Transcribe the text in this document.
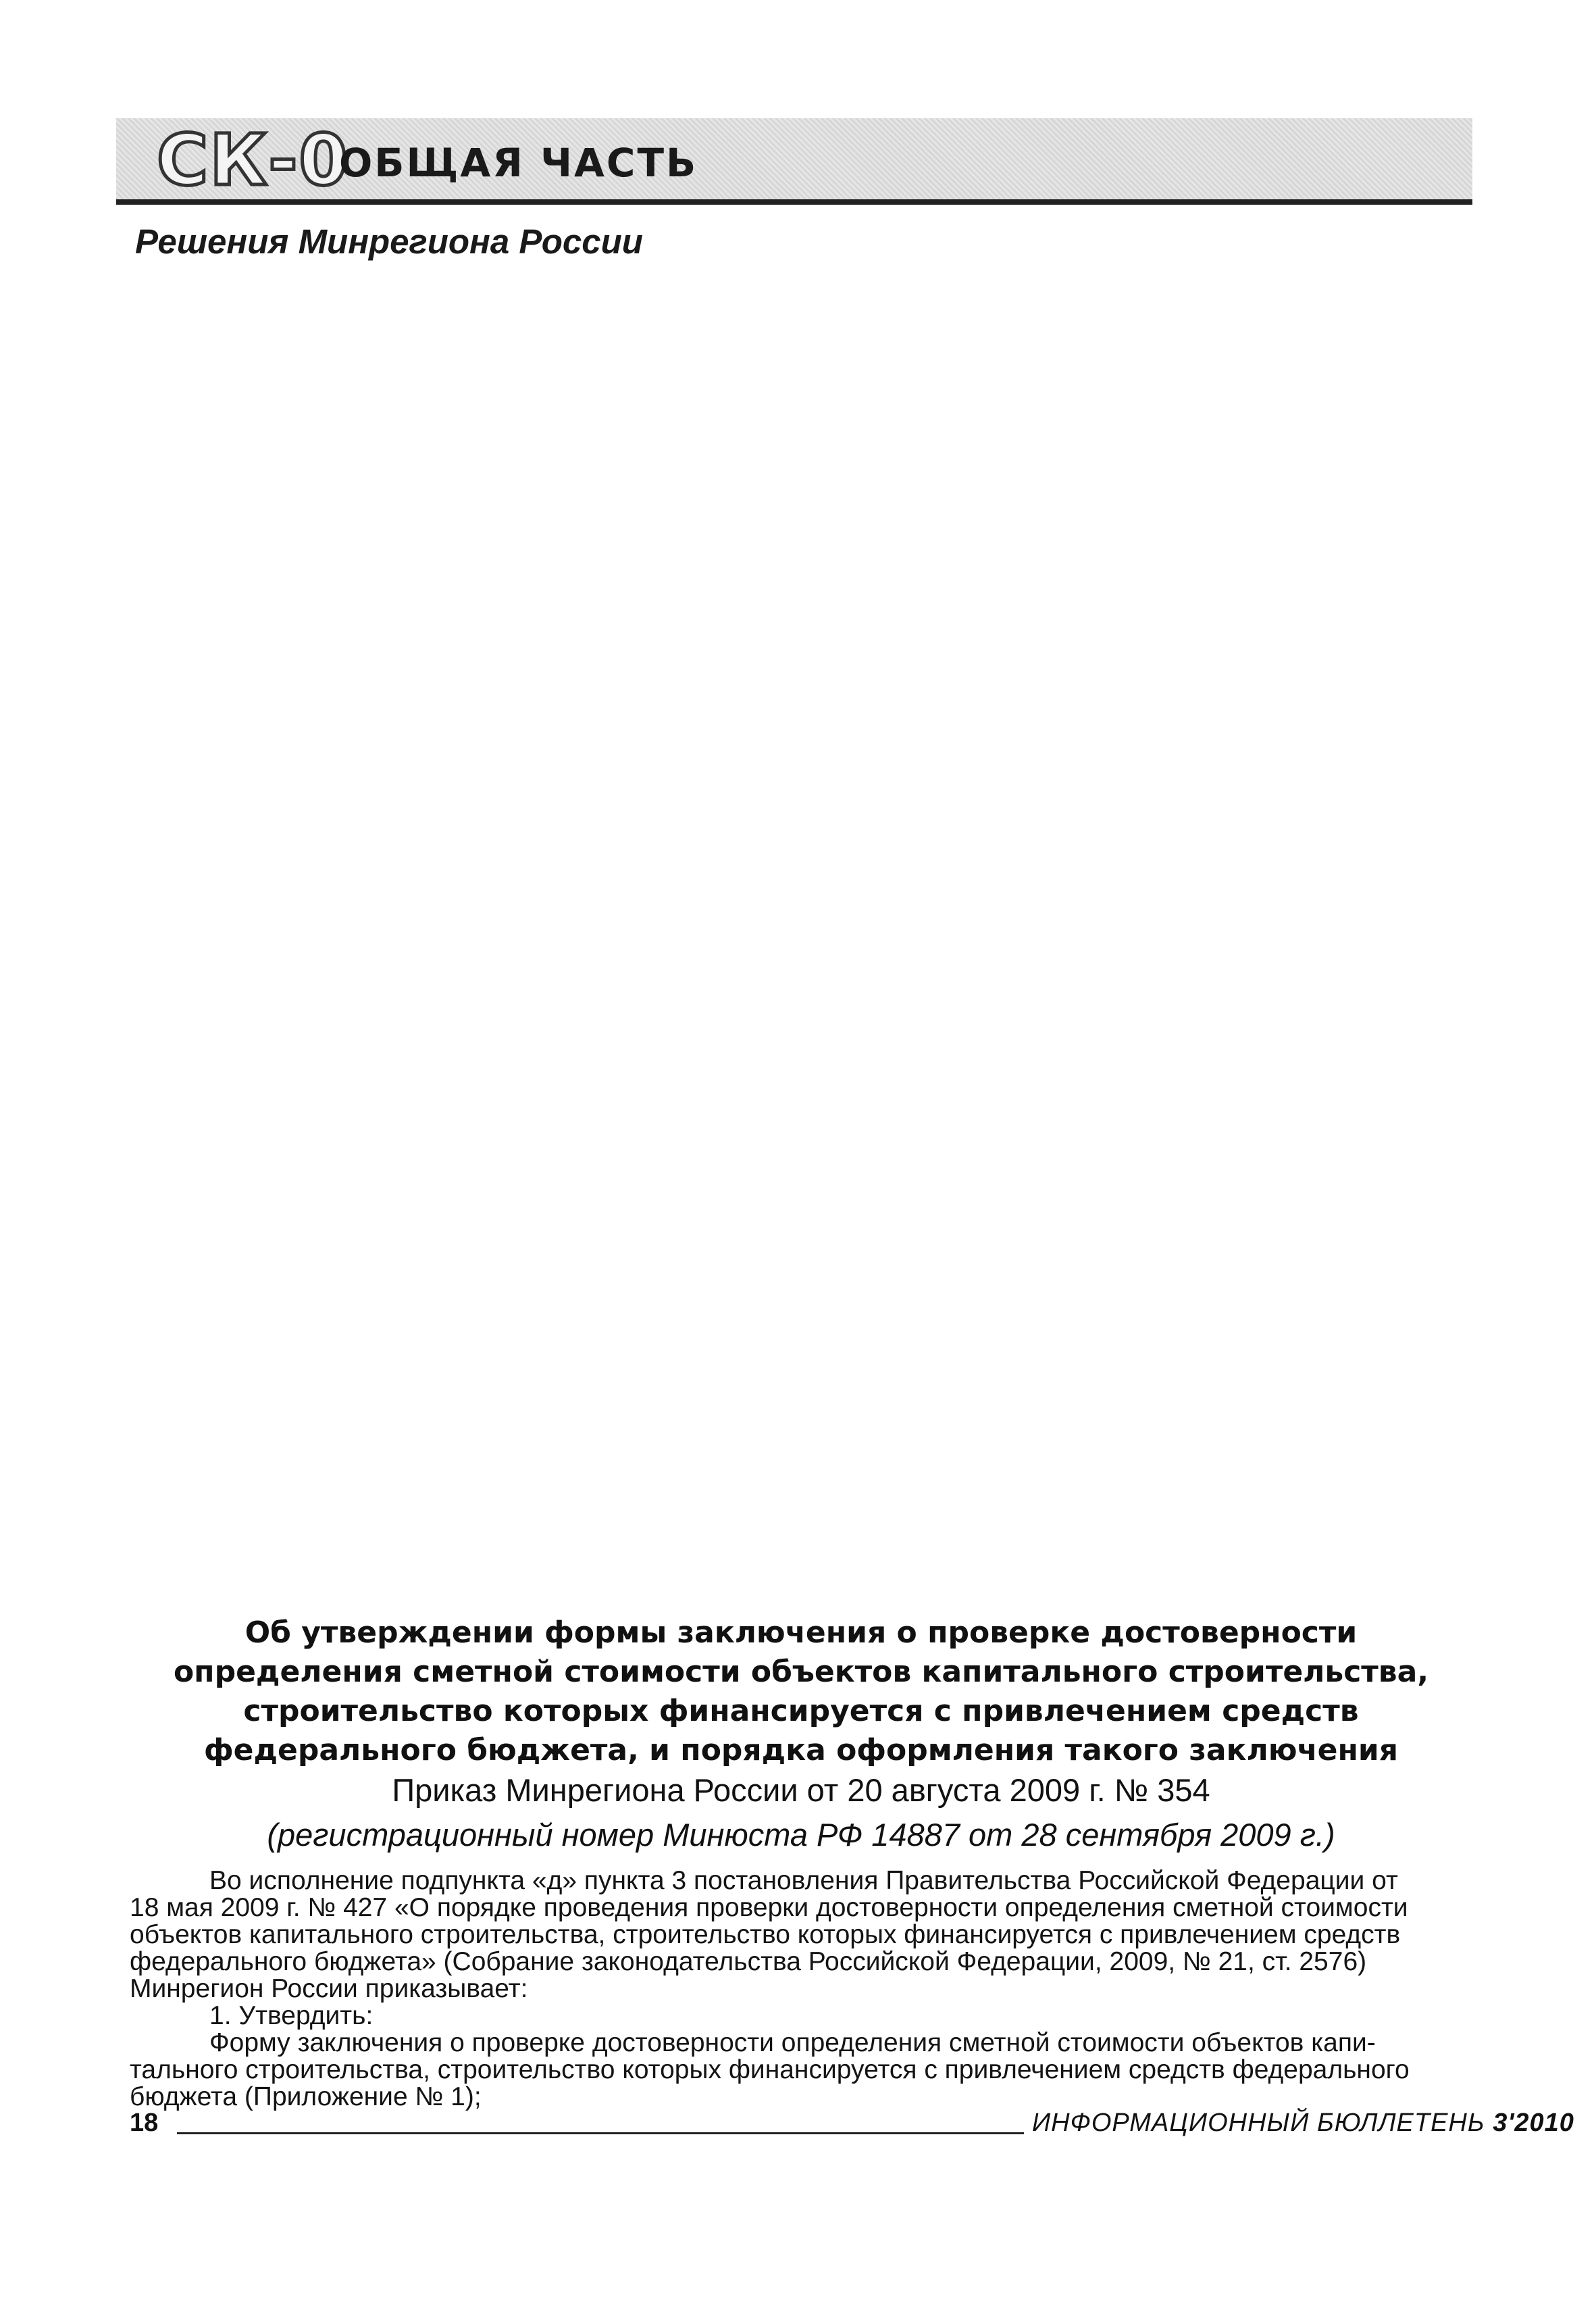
СК-0
ОБЩАЯ ЧАСТЬ
Решения Минрегиона России
Об утверждении формы заключения о проверке достоверности
определения сметной стоимости объектов капитального строительства,
строительство которых финансируется с привлечением средств
федерального бюджета, и порядка оформления такого заключения
Приказ Минрегиона России от 20 августа 2009 г. № 354
(регистрационный номер Минюста РФ 14887 от 28 сентября 2009 г.)
Во исполнение подпункта «д» пункта 3 постановления Правительства Российской Федерации от
18 мая 2009 г. № 427 «О порядке проведения проверки достоверности определения сметной стоимости
объектов капитального строительства, строительство которых финансируется с привлечением средств
федерального бюджета» (Собрание законодательства Российской Федерации, 2009, № 21, ст. 2576)
Минрегион России приказывает:
1. Утвердить:
Форму заключения о проверке достоверности определения сметной стоимости объектов капи-
тального строительства, строительство которых финансируется с привлечением средств федерального
бюджета (Приложение № 1);
18	ИНФОРМАЦИОННЫЙ БЮЛЛЕТЕНЬ 3'2010
